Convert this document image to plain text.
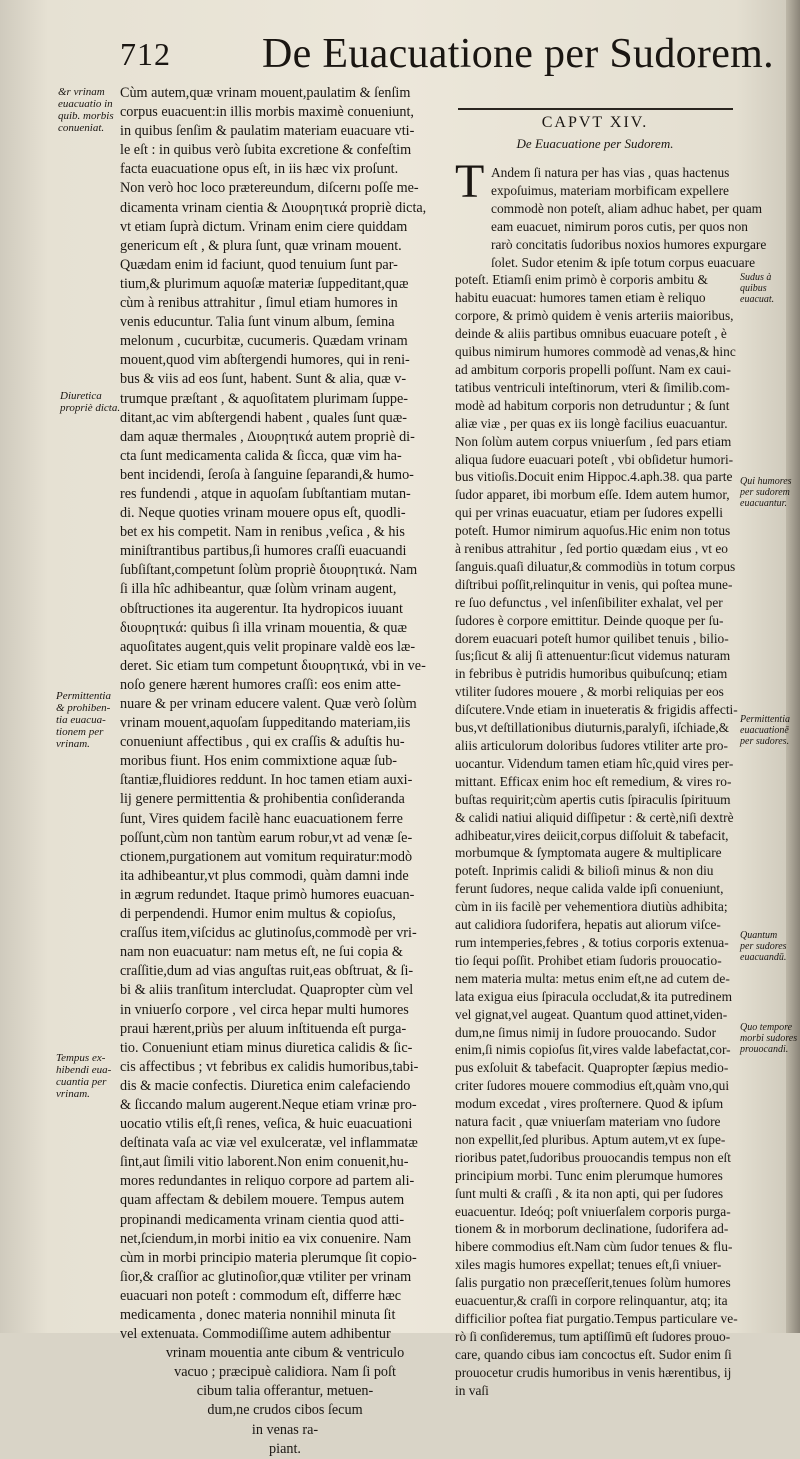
712 De Euacuatione per Sudorem.
&r vrinam
euacuatio in
quib. morbis
conueniat.
Diuretica
propriè dicta.
Permittentia
& prohiben-
tia euacua-
tionem per
vrinam.
Tempus ex-
hibendi eua-
cuantia per
vrinam.
Sudus à
quibus
euacuat.
Qui humores
per sudorem
euacuantur.
Permittentia
euacuationē
per sudores.
Quantum
per sudores
euacuandū.
Quo tempore
morbi sudores
prouocandi.
Cùm autem,quæ vrinam mouent,paulatim & ſenſim
corpus euacuent:in illis morbis maximè conueniunt,
in quibus ſenſim & paulatim materiam euacuare vti-
le eſt : in quibus verò ſubita excretione & confeſtim
facta euacuatione opus eſt, in iis hæc vix proſunt.
Non verò hoc loco prætereundum, diſcernı poſſe me-
dicamenta vrinam cientia & Διουρητικά propriè dicta,
vt etiam ſuprà dictum. Vrinam enim ciere quiddam
genericum eſt , & plura ſunt, quæ vrinam mouent.
Quædam enim id faciunt, quod tenuium ſunt par-
tium,& plurimum aquoſæ materiæ ſuppeditant,quæ
cùm à renibus attrahitur , ſimul etiam humores in
venis educuntur. Talia ſunt vinum album, ſemina
melonum , cucurbitæ, cucumeris. Quædam vrinam
mouent,quod vim abſtergendi humores, qui in reni-
bus & viis ad eos ſunt, habent. Sunt & alia, quæ v-
trumque præſtant , & aquoſitatem plurimam ſuppe-
ditant,ac vim abſtergendi habent , quales ſunt quæ-
dam aquæ thermales , Διουρητικά autem propriè di-
cta ſunt medicamenta calida & ſicca, quæ vim ha-
bent incidendi, ſeroſa à ſanguine ſeparandi,& humo-
res fundendi , atque in aquoſam ſubſtantiam mutan-
di. Neque quoties vrinam mouere opus eſt, quodli-
bet ex his competit. Nam in renibus ,veſica , & his
miniſtrantibus partibus,ſi humores craſſi euacuandi
ſubſiſtant,competunt ſolùm propriè διουρητικά. Nam
ſi illa hîc adhibeantur, quæ ſolùm vrinam augent,
obſtructiones ita augerentur. Ita hydropicos iuuant
διουρητικά: quibus ſi illa vrinam mouentia, & quæ
aquoſitates augent,quis velit propinare valdè eos læ-
deret. Sic etiam tum competunt διουρητικά, vbi in ve-
noſo genere hærent humores craſſi: eos enim atte-
nuare & per vrinam educere valent. Quæ verò ſolùm
vrinam mouent,aquoſam ſuppeditando materiam,iis
conueniunt affectibus , qui ex craſſis & aduſtis hu-
moribus fiunt. Hos enim commixtione aquæ ſub-
ſtantiæ,fluidiores reddunt. In hoc tamen etiam auxi-
lij genere permittentia & prohibentia conſideranda
ſunt, Vires quidem facilè hanc euacuationem ferre
poſſunt,cùm non tantùm earum robur,vt ad venæ ſe-
ctionem,purgationem aut vomitum requiratur:modò
ita adhibeantur,vt plus commodi, quàm damni inde
in ægrum redundet. Itaque primò humores euacuan-
di perpendendi. Humor enim multus & copioſus,
craſſus item,viſcidus ac glutinoſus,commodè per vri-
nam non euacuatur: nam metus eſt, ne ſui copia &
craſſitie,dum ad vias anguſtas ruit,eas obſtruat, & ſi-
bi & aliis tranſitum intercludat. Quapropter cùm vel
in vniuerſo corpore , vel circa hepar multi humores
praui hærent,priùs per aluum inſtituenda eſt purga-
tio. Conueniunt etiam minus diuretica calidis & ſic-
cis affectibus ; vt febribus ex calidis humoribus,tabi-
dis & macie confectis. Diuretica enim calefaciendo
& ſiccando malum augerent.Neque etiam vrinæ pro-
uocatio vtilis eſt,ſi renes, veſica, & huic euacuationi
deſtinata vaſa ac viæ vel exulceratæ, vel inflammatæ
ſint,aut ſimili vitio laborent.Non enim conuenit,hu-
mores redundantes in reliquo corpore ad partem ali-
quam affectam & debilem mouere. Tempus autem
propinandi medicamenta vrinam cientia quod atti-
net,ſciendum,in morbi initio ea vix conuenire. Nam
cùm in morbi principio materia plerumque ſit copio-
ſior,& craſſior ac glutinoſior,quæ vtiliter per vrinam
euacuari non poteſt : commodum eſt, differre hæc
medicamenta , donec materia nonnihil minuta ſit
vel extenuata. Commodiſſime autem adhibentur
vrinam mouentia ante cibum & ventriculo
vacuo ; præcipuè calidiora. Nam ſi poſt
cibum talia offerantur, metuen-
dum,ne crudos cibos ſecum
in venas ra-
piant.
CAPVT XIV.
De Euacuatione per Sudorem.
T Andem ſi natura per has vias , quas hactenus
expoſuimus, materiam morbificam expellere
commodè non poteſt, aliam adhuc habet, per quam
eam euacuet, nimirum poros cutis, per quos non
rarò concitatis ſudoribus noxios humores expurgare
ſolet. Sudor etenim & ipſe totum corpus euacuare
poteſt. Etiamſi enim primò è corporis ambitu &
habitu euacuat: humores tamen etiam è reliquo
corpore, & primò quidem è venis arteriis maioribus,
deinde & aliis partibus omnibus euacuare poteſt , è
quibus nimirum humores commodè ad venas,& hinc
ad ambitum corporis propelli poſſunt. Nam ex caui-
tatibus ventriculi inteſtinorum, vteri & ſimilib.com-
modè ad habitum corporis non detruduntur ; & ſunt
aliæ viæ , per quas ex iis longè facilius euacuantur.
Non ſolùm autem corpus vniuerſum , ſed pars etiam
aliqua ſudore euacuari poteſt , vbi obſidetur humori-
bus vitioſis.Docuit enim Hippoc.4.aph.38. qua parte
ſudor apparet, ibi morbum eſſe. Idem autem humor,
qui per vrinas euacuatur, etiam per ſudores expelli
poteſt. Humor nimirum aquoſus.Hic enim non totus
à renibus attrahitur , ſed portio quædam eius , vt eo
ſanguis.quaſi diluatur,& commodiùs in totum corpus
diſtribui poſſit,relinquitur in venis, qui poſtea mune-
re ſuo defunctus , vel inſenſibiliter exhalat, vel per
ſudores è corpore emittitur. Deinde quoque per ſu-
dorem euacuari poteſt humor quilibet tenuis , bilio-
ſus;ſicut & alij ſi attenuentur:ſicut videmus naturam
in febribus è putridis humoribus quibuſcunq; etiam
vtiliter ſudores mouere , & morbi reliquias per eos
diſcutere.Vnde etiam in inueteratis & frigidis affecti-
bus,vt deſtillationibus diuturnis,paralyſi, iſchiade,&
aliis articulorum doloribus ſudores vtiliter arte pro-
uocantur. Videndum tamen etiam hîc,quid vires per-
mittant. Efficax enim hoc eſt remedium, & vires ro-
buſtas requirit;cùm apertis cutis ſpiraculis ſpirituum
& calidi natiui aliquid diſſipetur : & certè,niſi dextrè
adhibeatur,vires deiicit,corpus diſſoluit & tabefacit,
morbumque & ſymptomata augere & multiplicare
poteſt. Inprimis calidi & bilioſi minus & non diu
ferunt ſudores, neque calida valde ipſi conueniunt,
cùm in iis facilè per vehementiora diutiùs adhibita;
aut calidiora ſudorifera, hepatis aut aliorum viſce-
rum intemperies,febres , & totius corporis extenua-
tio ſequi poſſit. Prohibet etiam ſudoris prouocatio-
nem materia multa: metus enim eſt,ne ad cutem de-
lata exigua eius ſpiracula occludat,& ita putredinem
vel gignat,vel augeat. Quantum quod attinet,viden-
dum,ne ſimus nimij in ſudore prouocando. Sudor
enim,ſi nimis copioſus ſit,vires valde labefactat,cor-
pus exſoluit & tabefacit. Quapropter ſæpius medio-
criter ſudores mouere commodius eſt,quàm vno,qui
modum excedat , vires proſternere. Quod & ipſum
natura facit , quæ vniuerſam materiam vno ſudore
non expellit,ſed pluribus. Aptum autem,vt ex ſupe-
rioribus patet,ſudoribus prouocandis tempus non eſt
principium morbi. Tunc enim plerumque humores
ſunt multi & craſſi , & ita non apti, qui per ſudores
euacuentur. Ideóq; poſt vniuerſalem corporis purga-
tionem & in morborum declinatione, ſudorifera ad-
hibere commodius eſt.Nam cùm ſudor tenues & flu-
xiles magis humores expellat; tenues eſt,ſi vniuer-
ſalis purgatio non præceſſerit,tenues ſolùm humores
euacuentur,& craſſi in corpore relinquantur, atq; ita
difficilior poſtea fiat purgatio.Tempus particulare ve-
rò ſi conſideremus, tum aptiſſimū eſt ſudores prouo-
care, quando cibus iam concoctus eſt. Sudor enim ſi
prouocetur crudis humoribus in venis hærentibus, ij
in vaſi
